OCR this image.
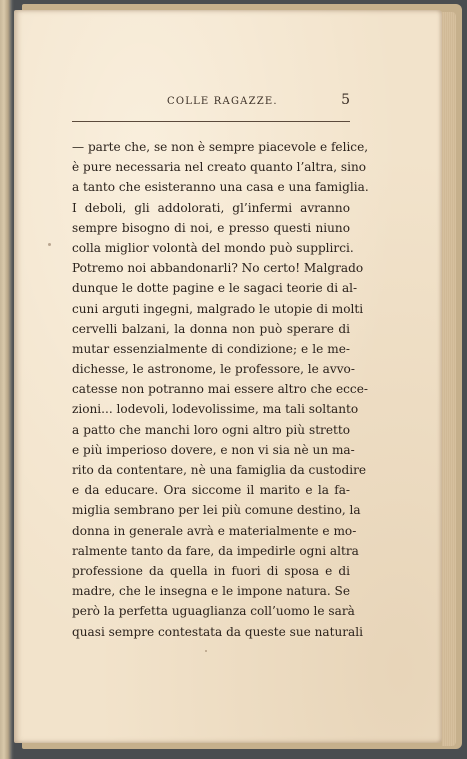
COLLE RAGAZZE.	5
— parte che, se non è sempre piacevole e felice,
è pure necessaria nel creato quanto l’altra, sino
a tanto che esisteranno una casa e una famiglia.
I deboli, gli addolorati, gl’infermi avranno
sempre bisogno di noi, e presso questi niuno
colla miglior volontà del mondo può supplirci.
Potremo noi abbandonarli? No certo! Malgrado
dunque le dotte pagine e le sagaci teorie di al-
cuni arguti ingegni, malgrado le utopie di molti
cervelli balzani, la donna non può sperare di
mutar essenzialmente di condizione; e le me-
dichesse, le astronome, le professore, le avvo-
catesse non potranno mai essere altro che ecce-
zioni... lodevoli, lodevolissime, ma tali soltanto
a patto che manchi loro ogni altro più stretto
e più imperioso dovere, e non vi sia nè un ma-
rito da contentare, nè una famiglia da custodire
e da educare. Ora siccome il marito e la fa-
miglia sembrano per lei più comune destino, la
donna in generale avrà e materialmente e mo-
ralmente tanto da fare, da impedirle ogni altra
professione da quella in fuori di sposa e di
madre, che le insegna e le impone natura. Se
però la perfetta uguaglianza coll’uomo le sarà
quasi sempre contestata da queste sue naturali
